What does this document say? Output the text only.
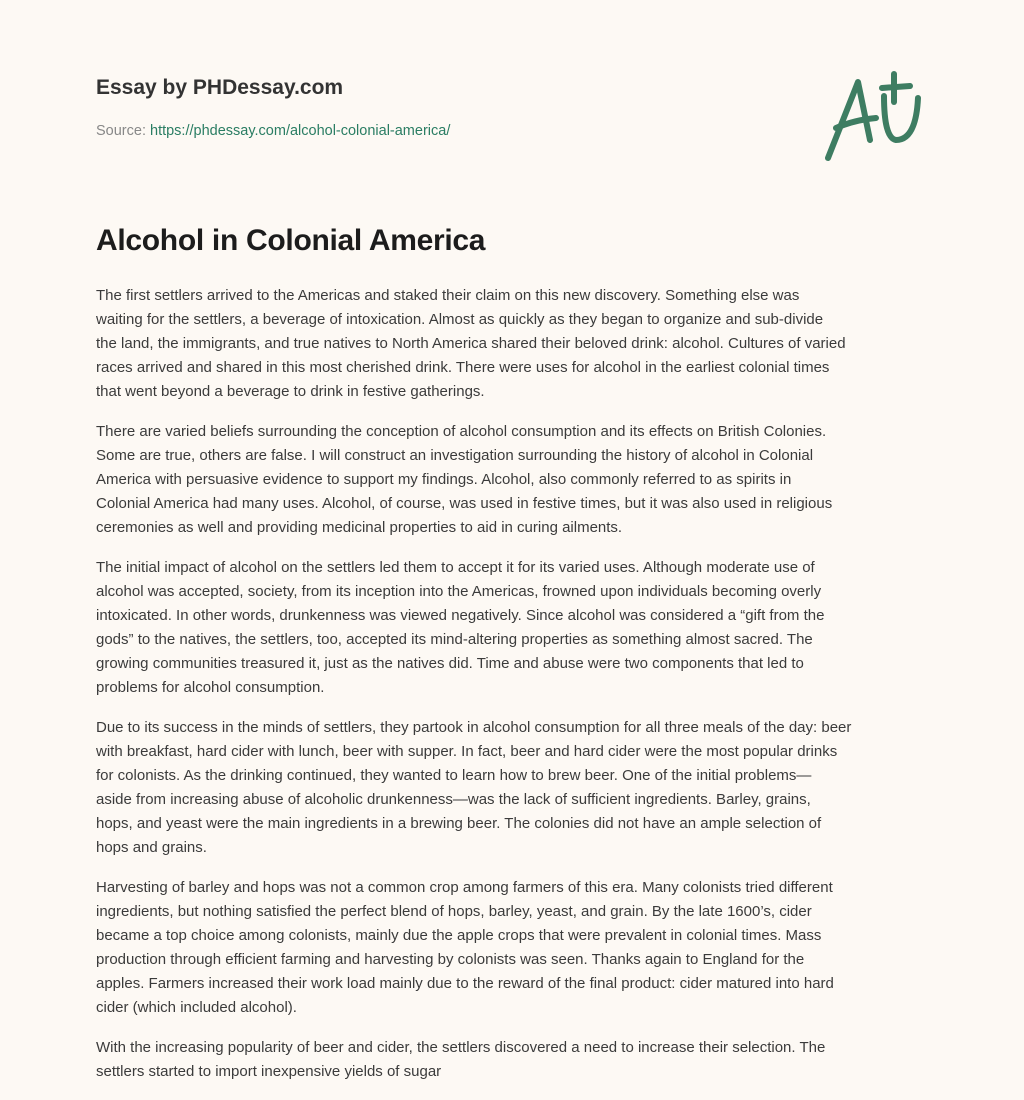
Essay by PHDessay.com
Source: https://phdessay.com/alcohol-colonial-america/
Alcohol in Colonial America

The first settlers arrived to the Americas and staked their claim on this new discovery. Something else was
waiting for the settlers, a beverage of intoxication. Almost as quickly as they began to organize and sub-divide
the land, the immigrants, and true natives to North America shared their beloved drink: alcohol. Cultures of varied
races arrived and shared in this most cherished drink. There were uses for alcohol in the earliest colonial times
that went beyond a beverage to drink in festive gatherings.

There are varied beliefs surrounding the conception of alcohol consumption and its effects on British Colonies.
Some are true, others are false. I will construct an investigation surrounding the history of alcohol in Colonial
America with persuasive evidence to support my findings. Alcohol, also commonly referred to as spirits in
Colonial America had many uses. Alcohol, of course, was used in festive times, but it was also used in religious
ceremonies as well and providing medicinal properties to aid in curing ailments.

The initial impact of alcohol on the settlers led them to accept it for its varied uses. Although moderate use of
alcohol was accepted, society, from its inception into the Americas, frowned upon individuals becoming overly
intoxicated. In other words, drunkenness was viewed negatively. Since alcohol was considered a “gift from the
gods” to the natives, the settlers, too, accepted its mind-altering properties as something almost sacred. The
growing communities treasured it, just as the natives did. Time and abuse were two components that led to
problems for alcohol consumption.

Due to its success in the minds of settlers, they partook in alcohol consumption for all three meals of the day: beer
with breakfast, hard cider with lunch, beer with supper. In fact, beer and hard cider were the most popular drinks
for colonists. As the drinking continued, they wanted to learn how to brew beer. One of the initial problems—
aside from increasing abuse of alcoholic drunkenness—was the lack of sufficient ingredients. Barley, grains,
hops, and yeast were the main ingredients in a brewing beer. The colonies did not have an ample selection of
hops and grains.

Harvesting of barley and hops was not a common crop among farmers of this era. Many colonists tried different
ingredients, but nothing satisfied the perfect blend of hops, barley, yeast, and grain. By the late 1600’s, cider
became a top choice among colonists, mainly due the apple crops that were prevalent in colonial times. Mass
production through efficient farming and harvesting by colonists was seen. Thanks again to England for the
apples. Farmers increased their work load mainly due to the reward of the final product: cider matured into hard
cider (which included alcohol).

With the increasing popularity of beer and cider, the settlers discovered a need to increase their selection. The
settlers started to import inexpensive yields of sugar
